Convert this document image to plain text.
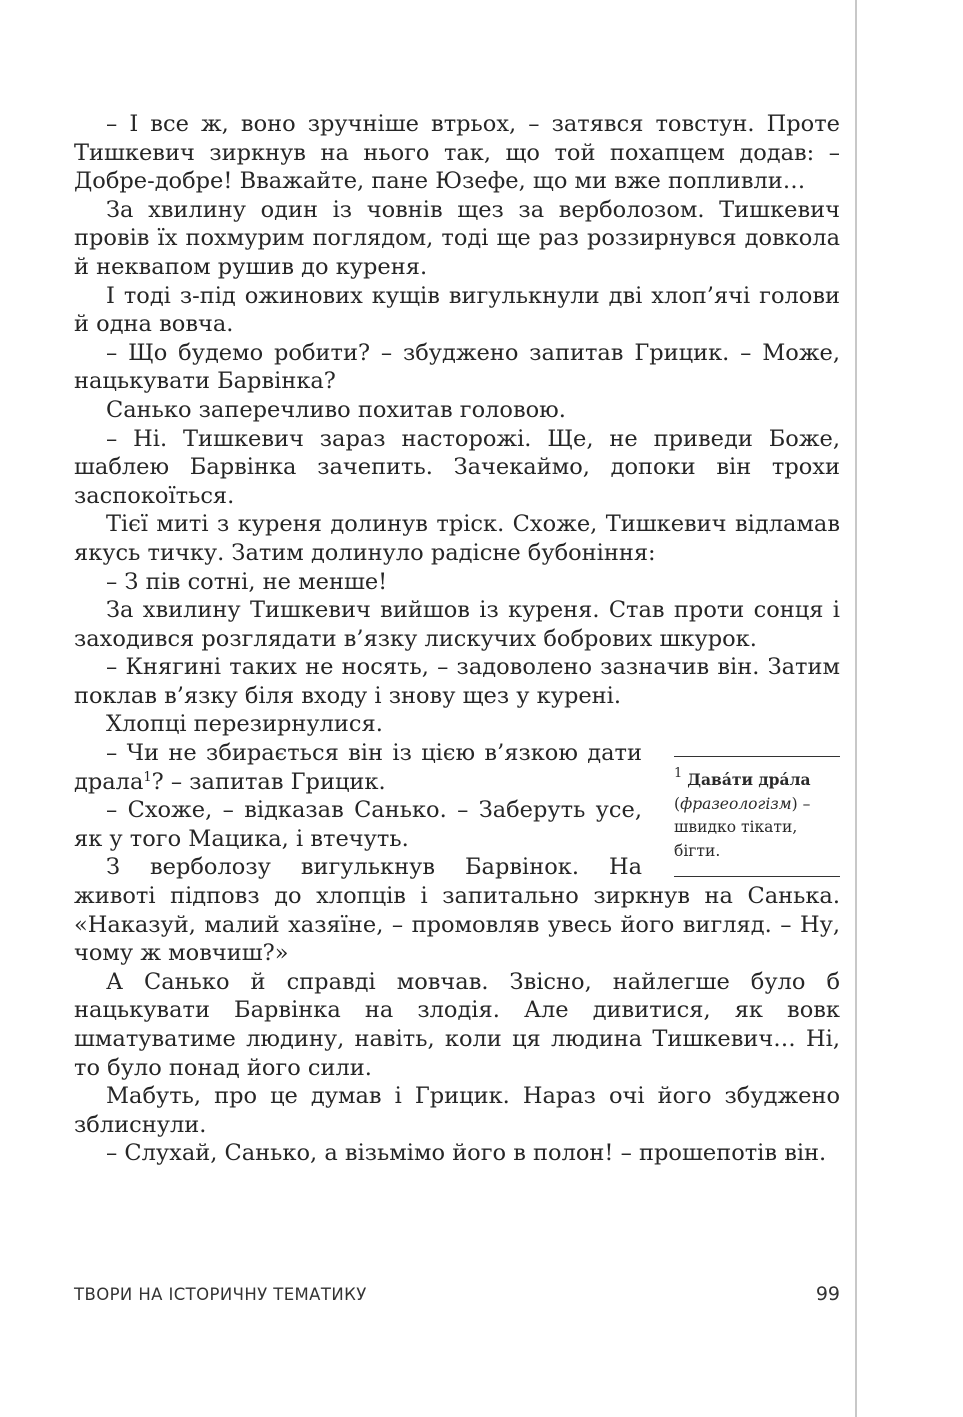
– І все ж, воно зручніше втрьох, – затявся товстун. Проте Тишкевич зиркнув на нього так, що той похапцем додав: – Добре-добре! Вважайте, пане Юзефе, що ми вже попливли…

За хвилину один із човнів щез за верболозом. Тишкевич провів їх похмурим поглядом, тоді ще раз роззирнувся довкола й неквапом рушив до куреня.

І тоді з-під ожинових кущів вигулькнули дві хлоп’ячі голови й одна вовча.

– Що будемо робити? – збуджено запитав Грицик. – Може, нацькувати Барвінка?

Санько заперечливо похитав головою.

– Ні. Тишкевич зараз насторожі. Ще, не приведи Боже, шаблею Барвінка зачепить. Зачекаймо, допоки він трохи заспокоїться.

Тієї миті з куреня долинув тріск. Схоже, Тишкевич відламав якусь тичку. Затим долинуло радісне бубоніння:

– З пів сотні, не менше!

За хвилину Тишкевич вийшов із куреня. Став проти сонця і заходився розглядати в’язку лискучих бобрових шкурок.

– Княгині таких не носять, – задоволено зазначив він. Затим поклав в’язку біля входу і знову щез у курені.

Хлопці перезирнулися.

– Чи не збирається він із цією в’язкою дати драла$^1$? – запитав Грицик.

– Схоже, – відказав Санько. – Заберуть усе, як у того Мацика, і втечуть.

З верболозу вигулькнув Барвінок. На

животі підповз до хлопців і запитально зиркнув на Санька. «Наказуй, малий хазяїне, – промовляв увесь його вигляд. – Ну, чому ж мовчиш?»

А Санько й справді мовчав. Звісно, найлегше було б нацькувати Барвінка на злодія. Але дивитися, як вовк шматуватиме людину, навіть, коли ця людина Тишкевич… Ні, то було понад його сили.

Мабуть, про це думав і Грицик. Нараз очі його збуджено зблиснули.

– Слухай, Санько, а візьмімо його в полон! – прошепотів він.

$^1$ Дава́ти дра́ла
(фразеологізм) –
швидко тікати, бігти.
ТВОРИ НА ІСТОРИЧНУ ТЕМАТИКУ	99
